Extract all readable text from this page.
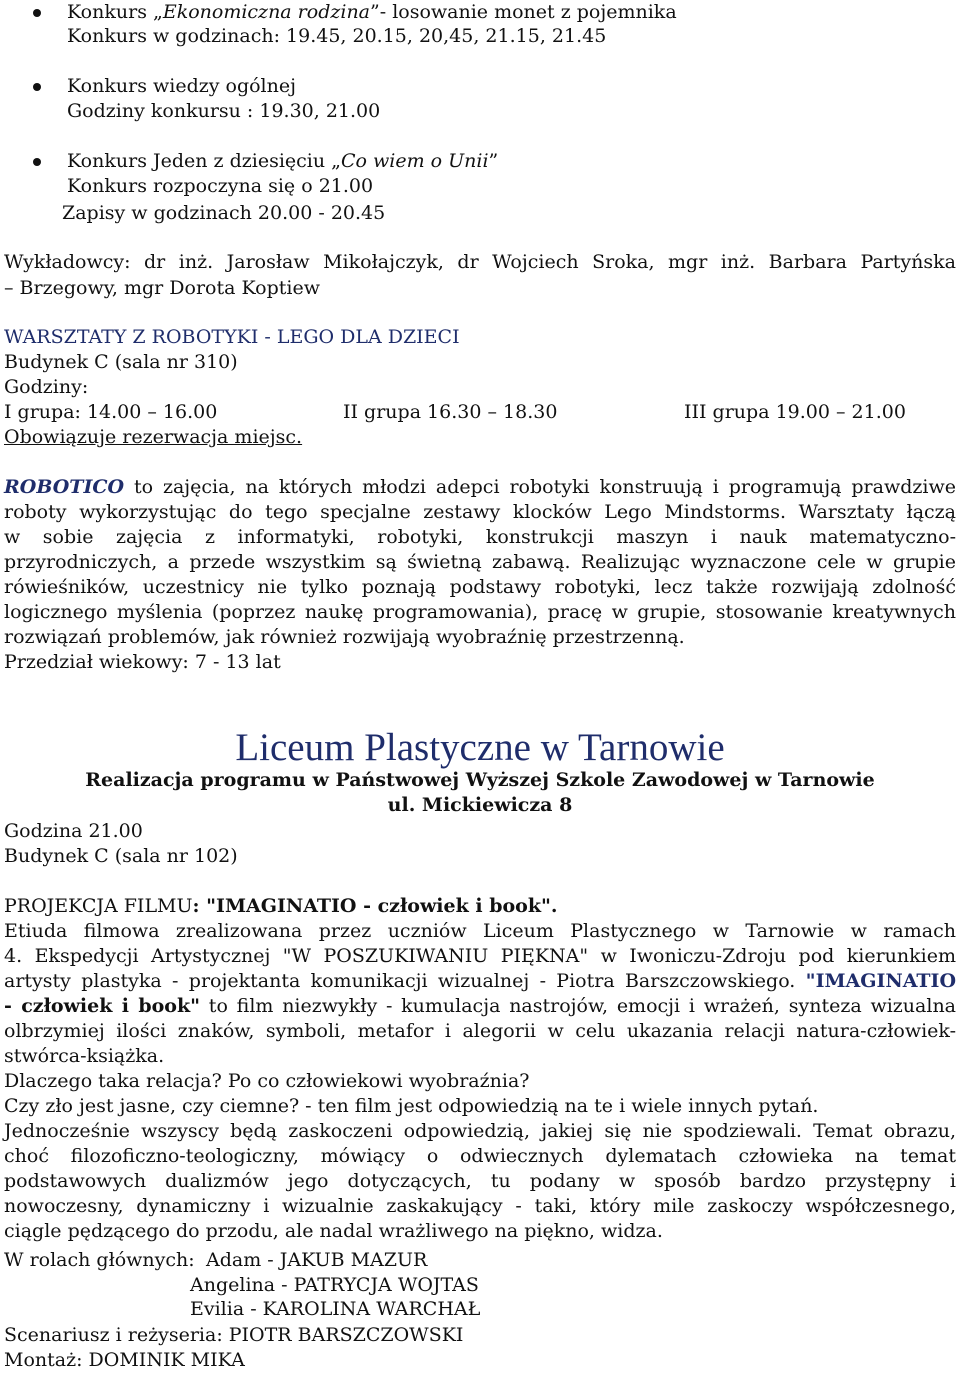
Konkurs „Ekonomiczna rodzina”- losowanie monet z pojemnika
Konkurs w godzinach: 19.45, 20.15, 20,45, 21.15, 21.45
Konkurs wiedzy ogólnej
Godziny konkursu : 19.30, 21.00
Konkurs Jeden z dziesięciu „Co wiem o Unii”
Konkurs rozpoczyna się o 21.00
Zapisy w godzinach 20.00 - 20.45
Wykładowcy: dr inż. Jarosław Mikołajczyk, dr Wojciech Sroka, mgr inż. Barbara Partyńska
– Brzegowy, mgr Dorota Koptiew
WARSZTATY Z ROBOTYKI - LEGO DLA DZIECI
Budynek C (sala nr 310)
Godziny:
I grupa: 14.00 – 16.00	II grupa 16.30 – 18.30	III grupa 19.00 – 21.00
Obowiązuje rezerwacja miejsc.
ROBOTICO to zajęcia, na których młodzi adepci robotyki konstruują i programują prawdziwe
roboty wykorzystując do tego specjalne zestawy klocków Lego Mindstorms. Warsztaty łączą
w sobie zajęcia z informatyki, robotyki, konstrukcji maszyn i nauk matematyczno-
przyrodniczych, a przede wszystkim są świetną zabawą. Realizując wyznaczone cele w grupie
rówieśników, uczestnicy nie tylko poznają podstawy robotyki, lecz także rozwijają zdolność
logicznego myślenia (poprzez naukę programowania), pracę w grupie, stosowanie kreatywnych
rozwiązań problemów, jak również rozwijają wyobraźnię przestrzenną.
Przedział wiekowy: 7 - 13 lat
Liceum Plastyczne w Tarnowie
Realizacja programu w Państwowej Wyższej Szkole Zawodowej w Tarnowie
ul. Mickiewicza 8
Godzina 21.00
Budynek C (sala nr 102)
PROJEKCJA FILMU: "IMAGINATIO - człowiek i book".
Etiuda filmowa zrealizowana przez uczniów Liceum Plastycznego w Tarnowie w ramach
4. Ekspedycji Artystycznej "W POSZUKIWANIU PIĘKNA" w Iwoniczu-Zdroju pod kierunkiem
artysty plastyka - projektanta komunikacji wizualnej - Piotra Barszczowskiego. "IMAGINATIO
- człowiek i book" to film niezwykły - kumulacja nastrojów, emocji i wrażeń, synteza wizualna
olbrzymiej ilości znaków, symboli, metafor i alegorii w celu ukazania relacji natura-człowiek-
stwórca-książka.
Dlaczego taka relacja? Po co człowiekowi wyobraźnia?
Czy zło jest jasne, czy ciemne? - ten film jest odpowiedzią na te i wiele innych pytań.
Jednocześnie wszyscy będą zaskoczeni odpowiedzią, jakiej się nie spodziewali. Temat obrazu,
choć filozoficzno-teologiczny, mówiący o odwiecznych dylematach człowieka na temat
podstawowych dualizmów jego dotyczących, tu podany w sposób bardzo przystępny i
nowoczesny, dynamiczny i wizualnie zaskakujący - taki, który mile zaskoczy współczesnego,
ciągle pędzącego do przodu, ale nadal wrażliwego na piękno, widza.
W rolach głównych: Adam - JAKUB MAZUR
Angelina - PATRYCJA WOJTAS
Evilia - KAROLINA WARCHAŁ
Scenariusz i reżyseria: PIOTR BARSZCZOWSKI
Montaż: DOMINIK MIKA
